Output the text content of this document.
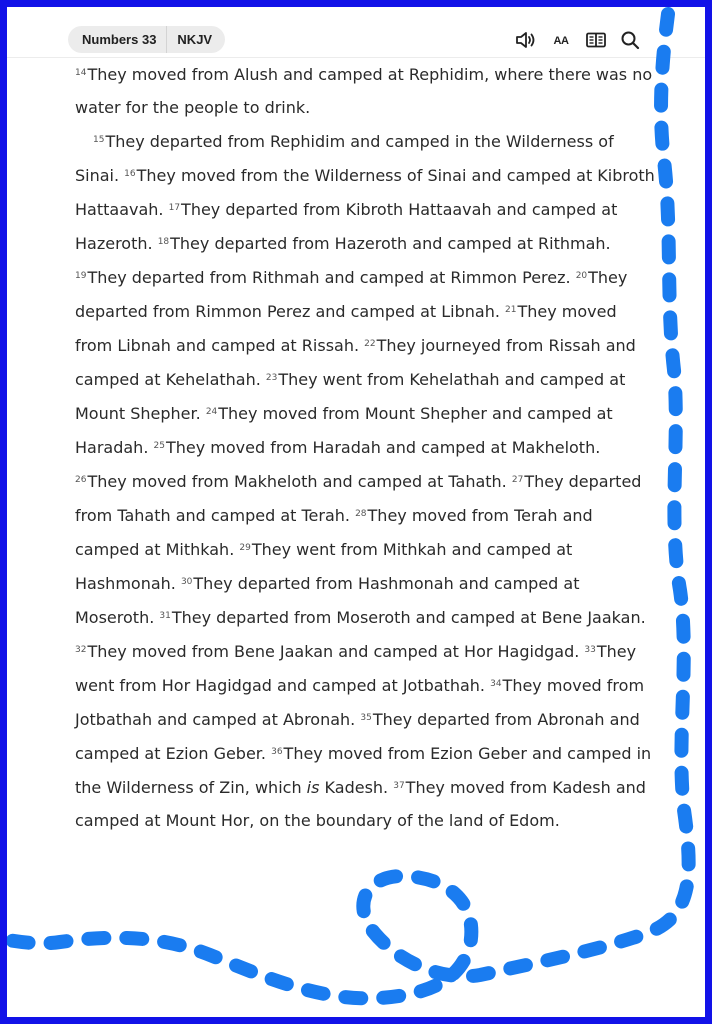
Numbers 33	NKJV	AA

$^{14}$They moved from Alush and camped at Rephidim, where there was no water for the people to drink.

$^{15}$They departed from Rephidim and camped in the Wilderness of Sinai. $^{16}$They moved from the Wilderness of Sinai and camped at Kibroth Hattaavah. $^{17}$They departed from Kibroth Hattaavah and camped at Hazeroth. $^{18}$They departed from Hazeroth and camped at Rithmah. $^{19}$They departed from Rithmah and camped at Rimmon Perez. $^{20}$They departed from Rimmon Perez and camped at Libnah. $^{21}$They moved from Libnah and camped at Rissah. $^{22}$They journeyed from Rissah and camped at Kehelathah. $^{23}$They went from Kehelathah and camped at Mount Shepher. $^{24}$They moved from Mount Shepher and camped at Haradah. $^{25}$They moved from Haradah and camped at Makheloth. $^{26}$They moved from Makheloth and camped at Tahath. $^{27}$They departed from Tahath and camped at Terah. $^{28}$They moved from Terah and camped at Mithkah. $^{29}$They went from Mithkah and camped at Hashmonah. $^{30}$They departed from Hashmonah and camped at Moseroth. $^{31}$They departed from Moseroth and camped at Bene Jaakan. $^{32}$They moved from Bene Jaakan and camped at Hor Hagidgad. $^{33}$They went from Hor Hagidgad and camped at Jotbathah. $^{34}$They moved from Jotbathah and camped at Abronah. $^{35}$They departed from Abronah and camped at Ezion Geber. $^{36}$They moved from Ezion Geber and camped in the Wilderness of Zin, which is Kadesh. $^{37}$They moved from Kadesh and camped at Mount Hor, on the boundary of the land of Edom.
